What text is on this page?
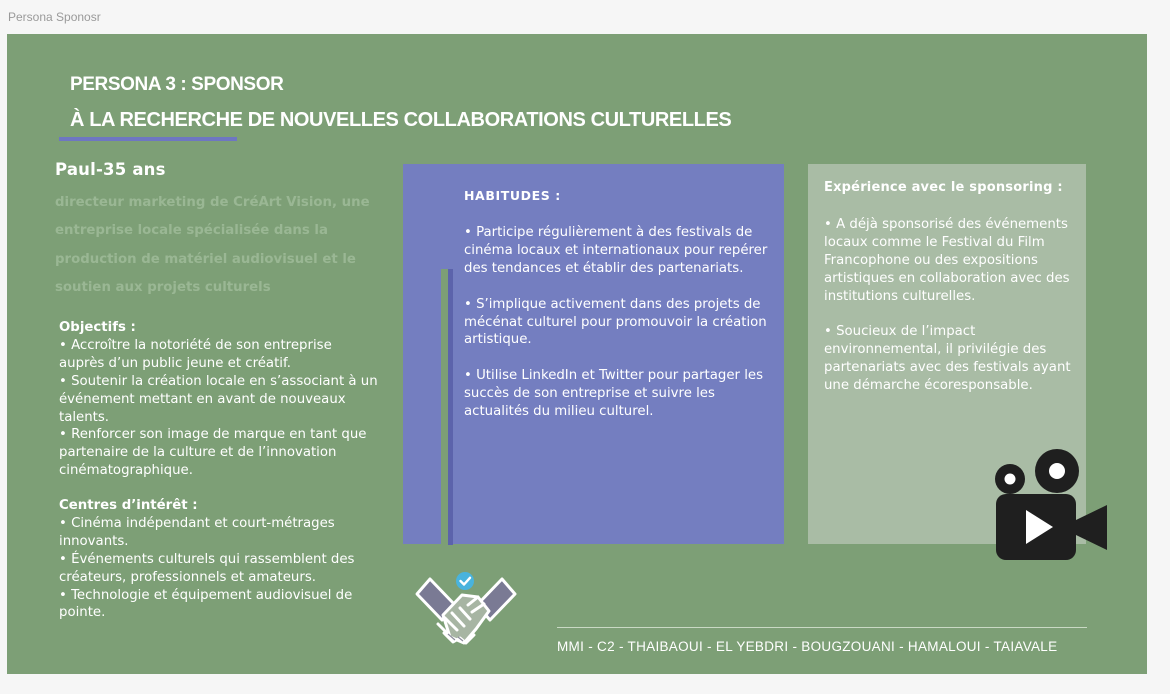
Persona Sponosr
PERSONA 3 : SPONSOR
À LA RECHERCHE DE NOUVELLES COLLABORATIONS CULTURELLES
Paul-35 ans
directeur marketing de CréArt Vision, une entreprise locale spécialisée dans la production de matériel audiovisuel et le soutien aux projets culturels
Objectifs :
• Accroître la notoriété de son entreprise auprès d’un public jeune et créatif.
• Soutenir la création locale en s’associant à un événement mettant en avant de nouveaux talents.
• Renforcer son image de marque en tant que partenaire de la culture et de l’innovation cinématographique.
Centres d’intérêt :
• Cinéma indépendant et court-métrages innovants.
• Événements culturels qui rassemblent des créateurs, professionnels et amateurs.
• Technologie et équipement audiovisuel de pointe.
HABITUDES :
• Participe régulièrement à des festivals de cinéma locaux et internationaux pour repérer des tendances et établir des partenariats.
• S’implique activement dans des projets de mécénat culturel pour promouvoir la création artistique.
• Utilise LinkedIn et Twitter pour partager les succès de son entreprise et suivre les actualités du milieu culturel.
Expérience avec le sponsoring :
• A déjà sponsorisé des événements locaux comme le Festival du Film Francophone ou des expositions artistiques en collaboration avec des institutions culturelles.
• Soucieux de l’impact environnemental, il privilégie des partenariats avec des festivals ayant une démarche écoresponsable.
MMI - C2 - THAIBAOUI - EL YEBDRI - BOUGZOUANI - HAMALOUI - TAIAVALE
